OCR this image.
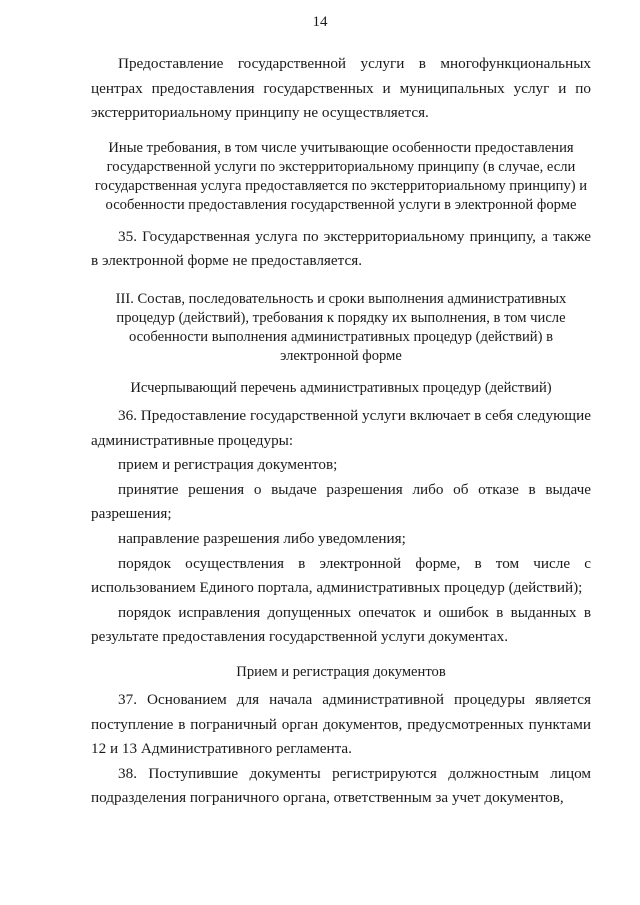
14

Предоставление государственной услуги в многофункциональных центрах предоставления государственных и муниципальных услуг и по экстерриториальному принципу не осуществляется.

Иные требования, в том числе учитывающие особенности предоставления государственной услуги по экстерриториальному принципу (в случае, если государственная услуга предоставляется по экстерриториальному принципу) и особенности предоставления государственной услуги в электронной форме

35. Государственная услуга по экстерриториальному принципу, а также в электронной форме не предоставляется.

III. Состав, последовательность и сроки выполнения административных процедур (действий), требования к порядку их выполнения, в том числе особенности выполнения административных процедур (действий) в электронной форме

Исчерпывающий перечень административных процедур (действий)

36. Предоставление государственной услуги включает в себя следующие административные процедуры:

прием и регистрация документов;

принятие решения о выдаче разрешения либо об отказе в выдаче разрешения;

направление разрешения либо уведомления;

порядок осуществления в электронной форме, в том числе с использованием Единого портала, административных процедур (действий);

порядок исправления допущенных опечаток и ошибок в выданных в результате предоставления государственной услуги документах.

Прием и регистрация документов

37. Основанием для начала административной процедуры является поступление в пограничный орган документов, предусмотренных пунктами 12 и 13 Административного регламента.

38. Поступившие документы регистрируются должностным лицом подразделения пограничного органа, ответственным за учет документов,
